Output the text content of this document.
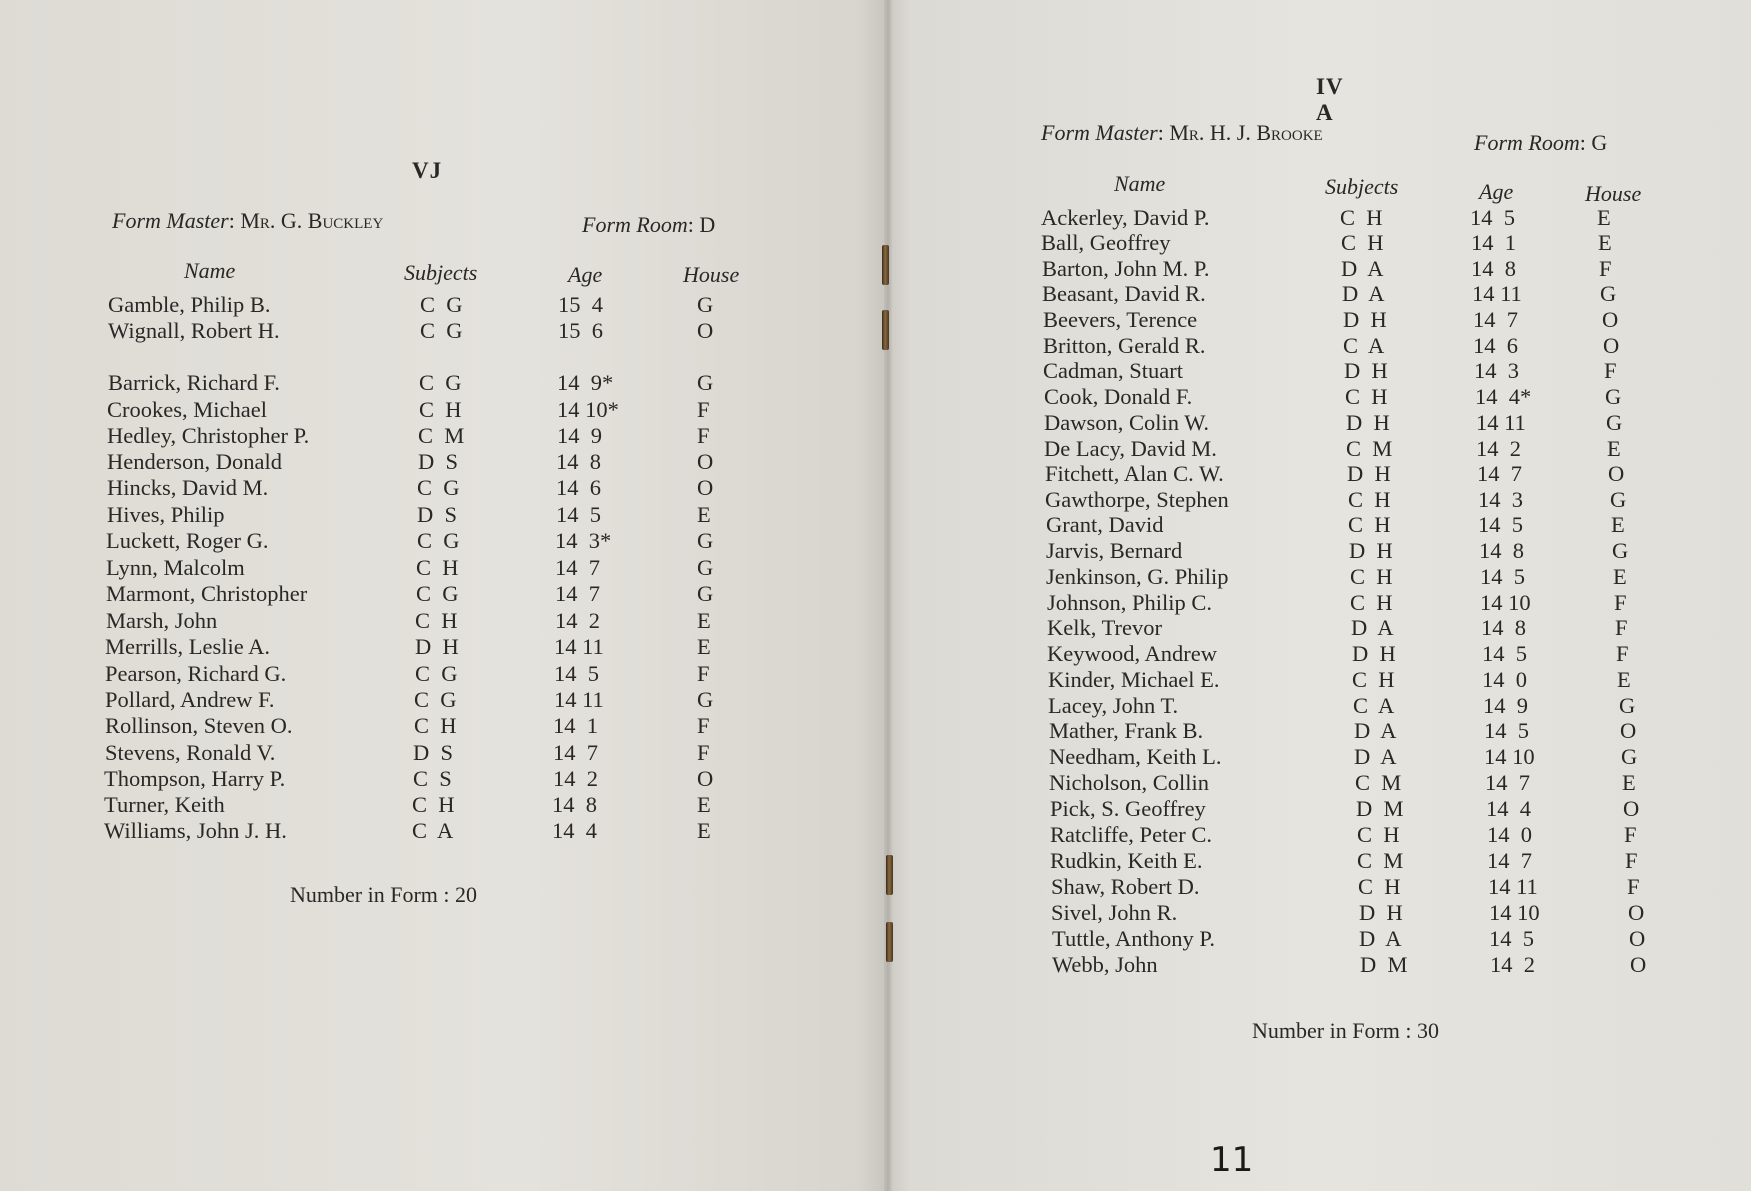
VJ
Form Master: Mr. G. Buckley	Form Room: D
Name	Subjects	Age	House
Gamble, Philip B.	C  G	15  4	G
Wignall, Robert H.	C  G	15  6	O
Barrick, Richard F.	C  G	14  9*	G
Crookes, Michael	C  H	14 10*	F
Hedley, Christopher P.	C  M	14  9	F
Henderson, Donald	D  S	14  8	O
Hincks, David M.	C  G	14  6	O
Hives, Philip	D  S	14  5	E
Luckett, Roger G.	C  G	14  3*	G
Lynn, Malcolm	C  H	14  7	G
Marmont, Christopher	C  G	14  7	G
Marsh, John	C  H	14  2	E
Merrills, Leslie A.	D  H	14 11	E
Pearson, Richard G.	C  G	14  5	F
Pollard, Andrew F.	C  G	14 11	G
Rollinson, Steven O.	C  H	14  1	F
Stevens, Ronald V.	D  S	14  7	F
Thompson, Harry P.	C  S	14  2	O
Turner, Keith	C  H	14  8	E
Williams, John J. H.	C  A	14  4	E
Number in Form : 20
IV A
Form Master: Mr. H. J. Brooke	Form Room: G
Name	Subjects	Age	House
Ackerley, David P.	C  H	14  5	E
Ball, Geoffrey	C  H	14  1	E
Barton, John M. P.	D  A	14  8	F
Beasant, David R.	D  A	14 11	G
Beevers, Terence	D  H	14  7	O
Britton, Gerald R.	C  A	14  6	O
Cadman, Stuart	D  H	14  3	F
Cook, Donald F.	C  H	14  4*	G
Dawson, Colin W.	D  H	14 11	G
De Lacy, David M.	C  M	14  2	E
Fitchett, Alan C. W.	D  H	14  7	O
Gawthorpe, Stephen	C  H	14  3	G
Grant, David	C  H	14  5	E
Jarvis, Bernard	D  H	14  8	G
Jenkinson, G. Philip	C  H	14  5	E
Johnson, Philip C.	C  H	14 10	F
Kelk, Trevor	D  A	14  8	F
Keywood, Andrew	D  H	14  5	F
Kinder, Michael E.	C  H	14  0	E
Lacey, John T.	C  A	14  9	G
Mather, Frank B.	D  A	14  5	O
Needham, Keith L.	D  A	14 10	G
Nicholson, Collin	C  M	14  7	E
Pick, S. Geoffrey	D  M	14  4	O
Ratcliffe, Peter C.	C  H	14  0	F
Rudkin, Keith E.	C  M	14  7	F
Shaw, Robert D.	C  H	14 11	F
Sivel, John R.	D  H	14 10	O
Tuttle, Anthony P.	D  A	14  5	O
Webb, John	D  M	14  2	O
Number in Form : 30
11
